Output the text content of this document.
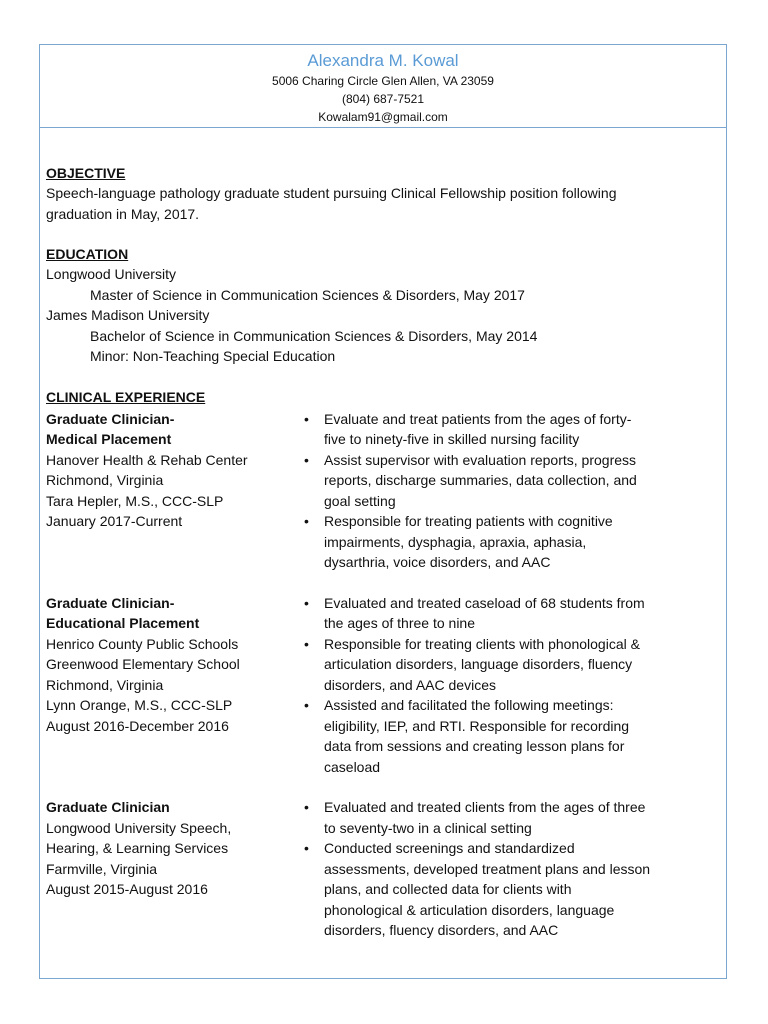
Alexandra M. Kowal
5006 Charing Circle Glen Allen, VA 23059
(804) 687-7521
Kowalam91@gmail.com
OBJECTIVE
Speech-language pathology graduate student pursuing Clinical Fellowship position following
graduation in May, 2017.
EDUCATION
Longwood University
Master of Science in Communication Sciences & Disorders, May 2017
James Madison University
Bachelor of Science in Communication Sciences & Disorders, May 2014
Minor: Non-Teaching Special Education
CLINICAL EXPERIENCE
Graduate Clinician-
Medical Placement
Hanover Health & Rehab Center
Richmond, Virginia
Tara Hepler, M.S., CCC-SLP
January 2017-Current
• Evaluate and treat patients from the ages of forty-
five to ninety-five in skilled nursing facility
• Assist supervisor with evaluation reports, progress
reports, discharge summaries, data collection, and
goal setting
• Responsible for treating patients with cognitive
impairments, dysphagia, apraxia, aphasia,
dysarthria, voice disorders, and AAC
Graduate Clinician-
Educational Placement
Henrico County Public Schools
Greenwood Elementary School
Richmond, Virginia
Lynn Orange, M.S., CCC-SLP
August 2016-December 2016
• Evaluated and treated caseload of 68 students from
the ages of three to nine
• Responsible for treating clients with phonological &
articulation disorders, language disorders, fluency
disorders, and AAC devices
• Assisted and facilitated the following meetings:
eligibility, IEP, and RTI. Responsible for recording
data from sessions and creating lesson plans for
caseload
Graduate Clinician
Longwood University Speech,
Hearing, & Learning Services
Farmville, Virginia
August 2015-August 2016
• Evaluated and treated clients from the ages of three
to seventy-two in a clinical setting
• Conducted screenings and standardized
assessments, developed treatment plans and lesson
plans, and collected data for clients with
phonological & articulation disorders, language
disorders, fluency disorders, and AAC
